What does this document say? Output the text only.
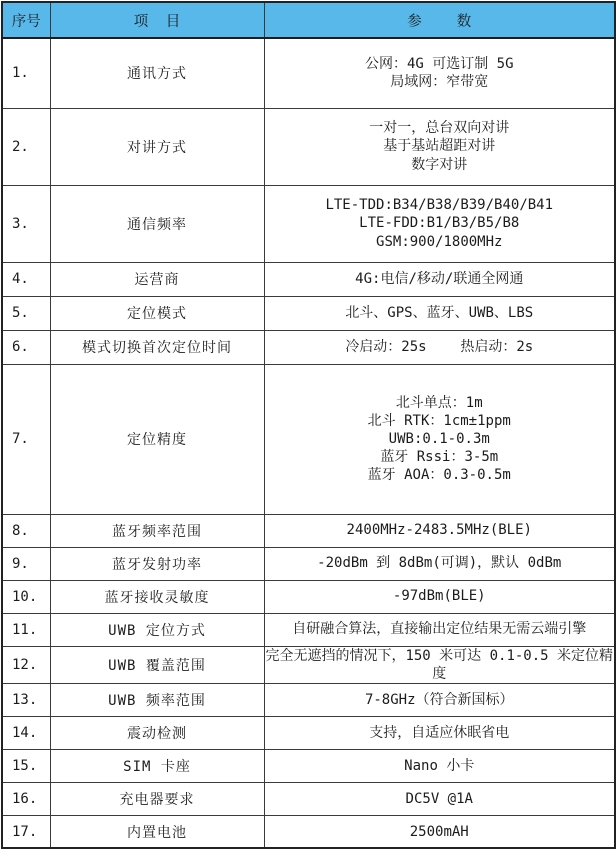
序号	项  目	参    数
1.	通讯方式	公网：4G 可选订制 5G
局域网：窄带宽

2.	对讲方式	一对一，总台双向对讲
基于基站超距对讲
数字对讲

3.	通信频率	LTE-TDD:B34/B38/B39/B40/B41
LTE-FDD:B1/B3/B5/B8
GSM:900/1800MHz

4.	运营商	4G:电信/移动/联通全网通

5.	定位模式	北斗、GPS、蓝牙、UWB、LBS

6.	模式切换首次定位时间	冷启动：25s    热启动：2s

7.	定位精度	北斗单点：1m
北斗 RTK：1cm±1ppm
UWB:0.1-0.3m
蓝牙 Rssi：3-5m
蓝牙 AOA：0.3-0.5m

8.	蓝牙频率范围	2400MHz-2483.5MHz(BLE)

9.	蓝牙发射功率	-20dBm 到 8dBm(可调)，默认 0dBm

10.	蓝牙接收灵敏度	-97dBm(BLE)

11.	UWB 定位方式	自研融合算法，直接输出定位结果无需云端引擎

12.	UWB 覆盖范围	完全无遮挡的情况下，150 米可达 0.1-0.5 米定位精度

13.	UWB 频率范围	7-8GHz（符合新国标）

14.	震动检测	支持，自适应休眠省电

15.	SIM 卡座	Nano 小卡

16.	充电器要求	DC5V @1A

17.	内置电池	2500mAH
